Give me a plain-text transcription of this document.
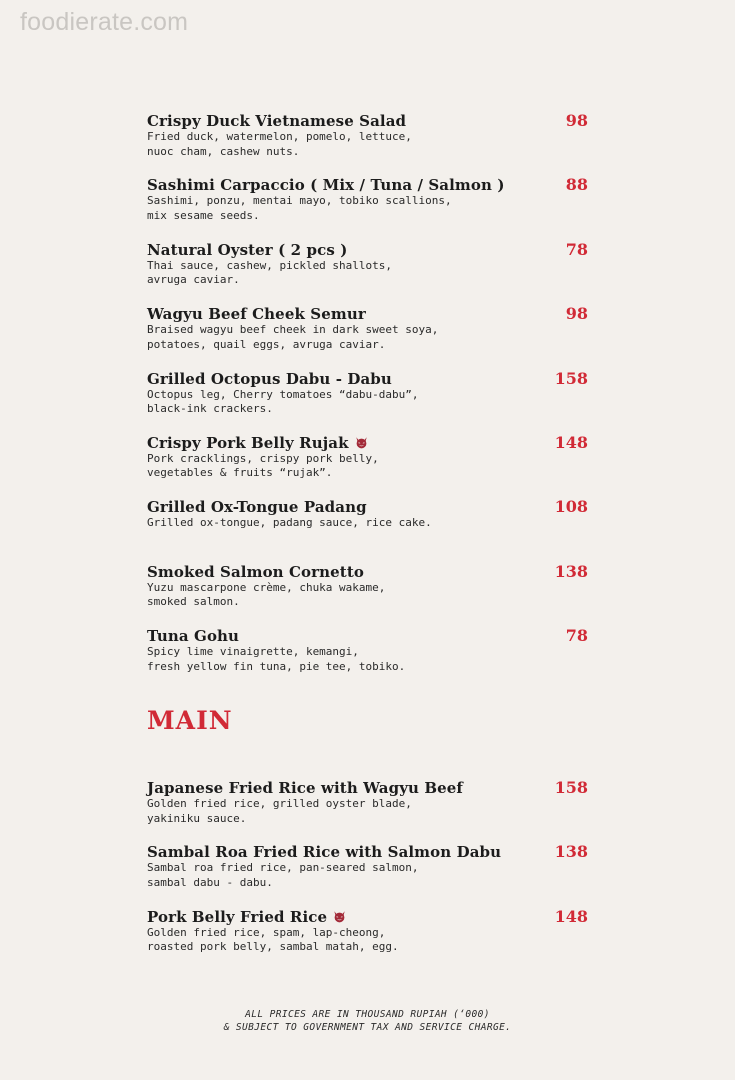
foodierate.com
Crispy Duck Vietnamese Salad
Fried duck, watermelon, pomelo, lettuce,
nuoc cham, cashew nuts.
98
Sashimi Carpaccio ( Mix / Tuna / Salmon )
Sashimi, ponzu, mentai mayo, tobiko scallions,
mix sesame seeds.
88
Natural Oyster ( 2 pcs )
Thai sauce, cashew, pickled shallots,
avruga caviar.
78
Wagyu Beef Cheek Semur
Braised wagyu beef cheek in dark sweet soya,
potatoes, quail eggs, avruga caviar.
98
Grilled Octopus Dabu - Dabu
Octopus leg, Cherry tomatoes “dabu-dabu”,
black-ink crackers.
158
Crispy Pork Belly Rujak
Pork cracklings, crispy pork belly,
vegetables & fruits “rujak”.
148
Grilled Ox-Tongue Padang
Grilled ox-tongue, padang sauce, rice cake.
108
Smoked Salmon Cornetto
Yuzu mascarpone crème, chuka wakame,
smoked salmon.
138
Tuna Gohu
Spicy lime vinaigrette, kemangi,
fresh yellow fin tuna, pie tee, tobiko.
78
MAIN
Japanese Fried Rice with Wagyu Beef
Golden fried rice, grilled oyster blade,
yakiniku sauce.
158
Sambal Roa Fried Rice with Salmon Dabu
Sambal roa fried rice, pan-seared salmon,
sambal dabu - dabu.
138
Pork Belly Fried Rice
Golden fried rice, spam, lap-cheong,
roasted pork belly, sambal matah, egg.
148
ALL PRICES ARE IN THOUSAND RUPIAH (‘000)
& SUBJECT TO GOVERNMENT TAX AND SERVICE CHARGE.
